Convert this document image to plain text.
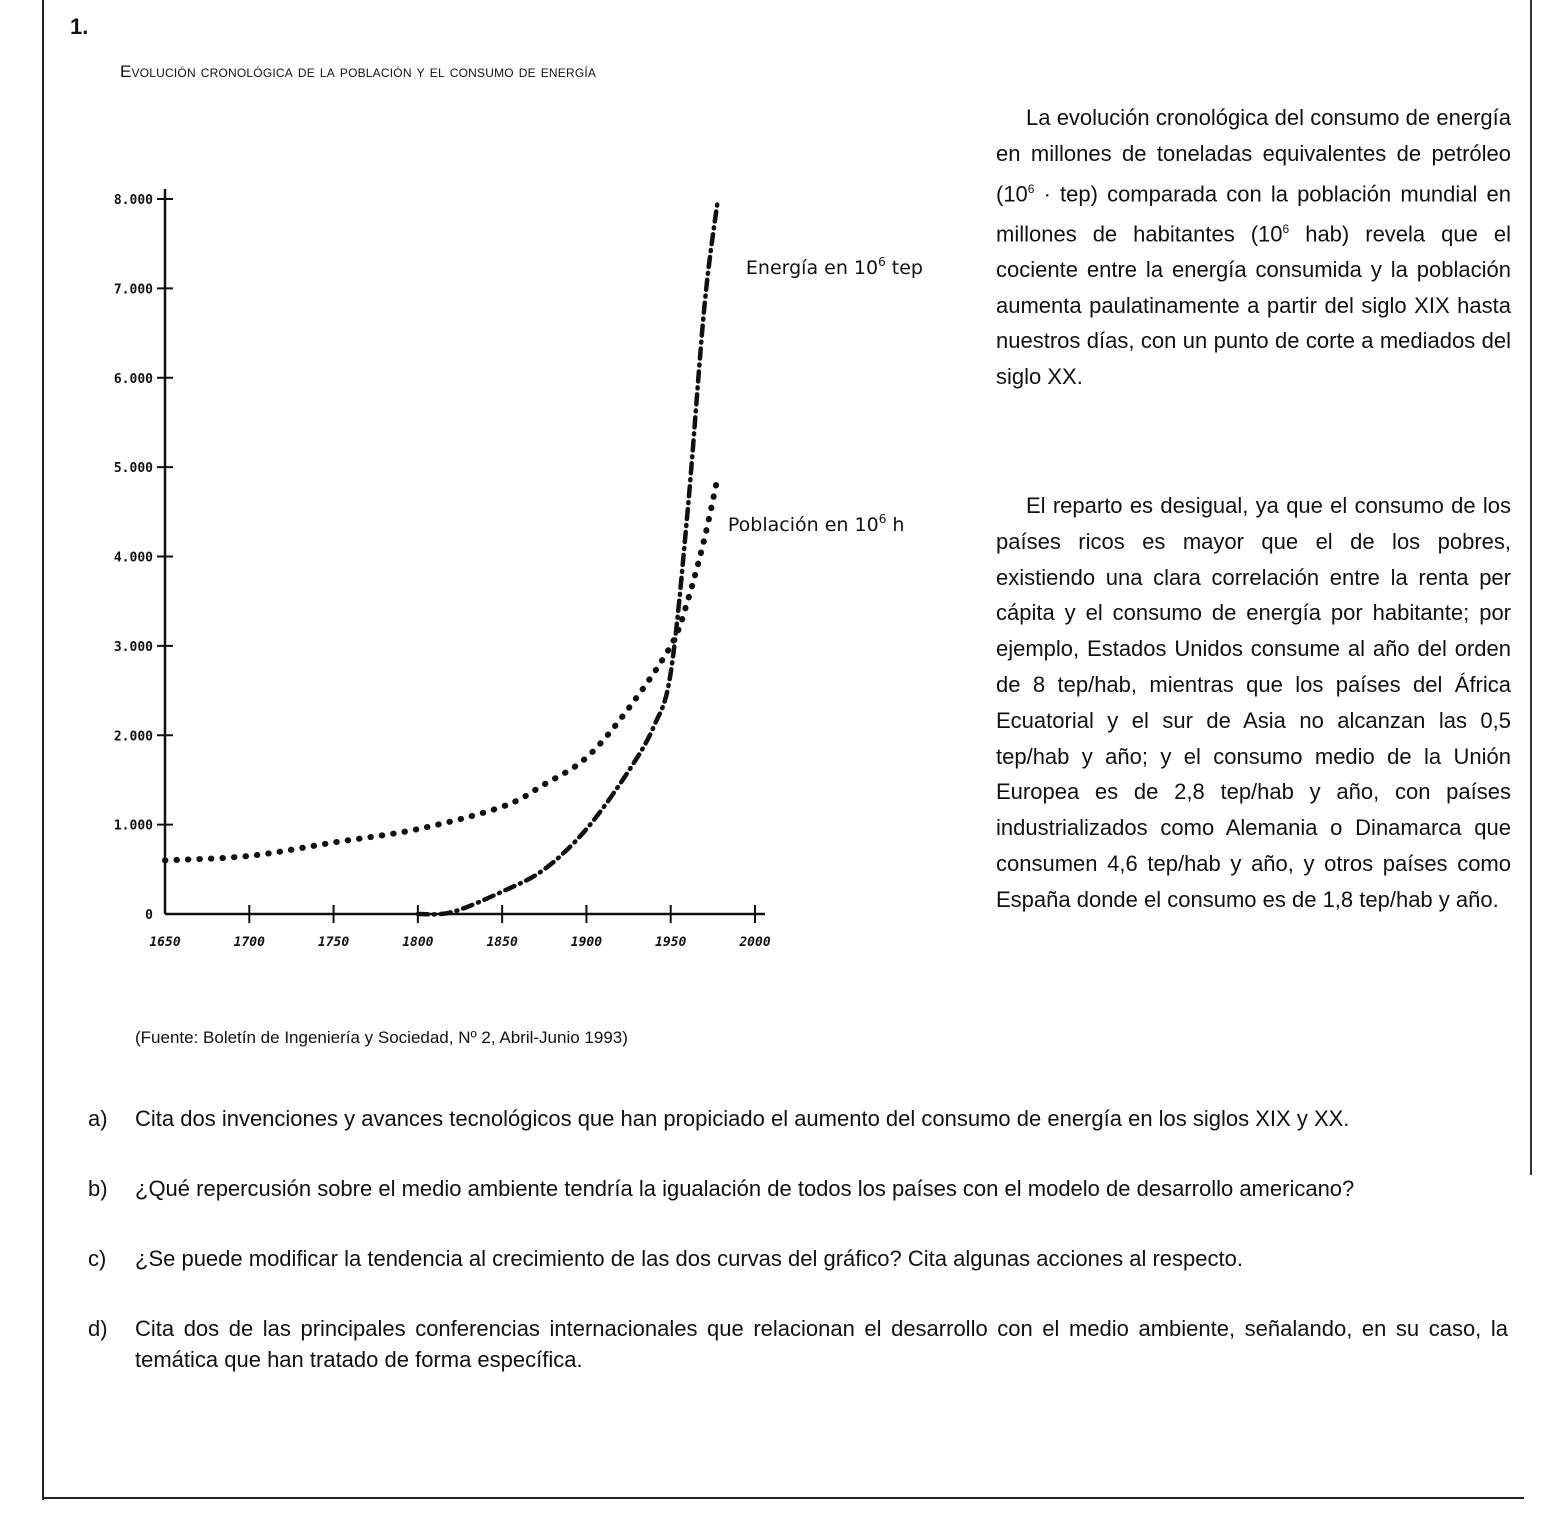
1.
Evolución cronológica de la población y el consumo de energía
0
1.000
2.000
3.000
4.000
5.000
6.000
7.000
8.000
1650	1700	1750	1800	1850	1900	1950	2000
Población en $10^6$ h
Energía en $10^6$ tep
(Fuente: Boletín de Ingeniería y Sociedad, Nº 2, Abril-Junio 1993)

La evolución cronológica del consumo de energía en millones de toneladas equivalentes de petróleo $(10^6 \cdot tep)$ comparada con la población mundial en millones de habitantes ($10^6$ hab) revela que el cociente entre la energía consumida y la población aumenta paulatinamente a partir del siglo XIX hasta nuestros días, con un punto de corte a mediados del siglo XX.

El reparto es desigual, ya que el consumo de los países ricos es mayor que el de los pobres, existiendo una clara correlación entre la renta per cápita y el consumo de energía por habitante; por ejemplo, Estados Unidos consume al año del orden de 8 tep/hab, mientras que los países del África Ecuatorial y el sur de Asia no alcanzan las 0,5 tep/hab y año; y el consumo medio de la Unión Europea es de 2,8 tep/hab y año, con países industrializados como Alemania o Dinamarca que consumen 4,6 tep/hab y año, y otros países como España donde el consumo es de 1,8 tep/hab y año.

a) Cita dos invenciones y avances tecnológicos que han propiciado el aumento del consumo de energía en los siglos XIX y XX.
b) ¿Qué repercusión sobre el medio ambiente tendría la igualación de todos los países con el modelo de desarrollo americano?
c) ¿Se puede modificar la tendencia al crecimiento de las dos curvas del gráfico? Cita algunas acciones al respecto.
d) Cita dos de las principales conferencias internacionales que relacionan el desarrollo con el medio ambiente, señalando, en su caso, la temática que han tratado de forma específica.
